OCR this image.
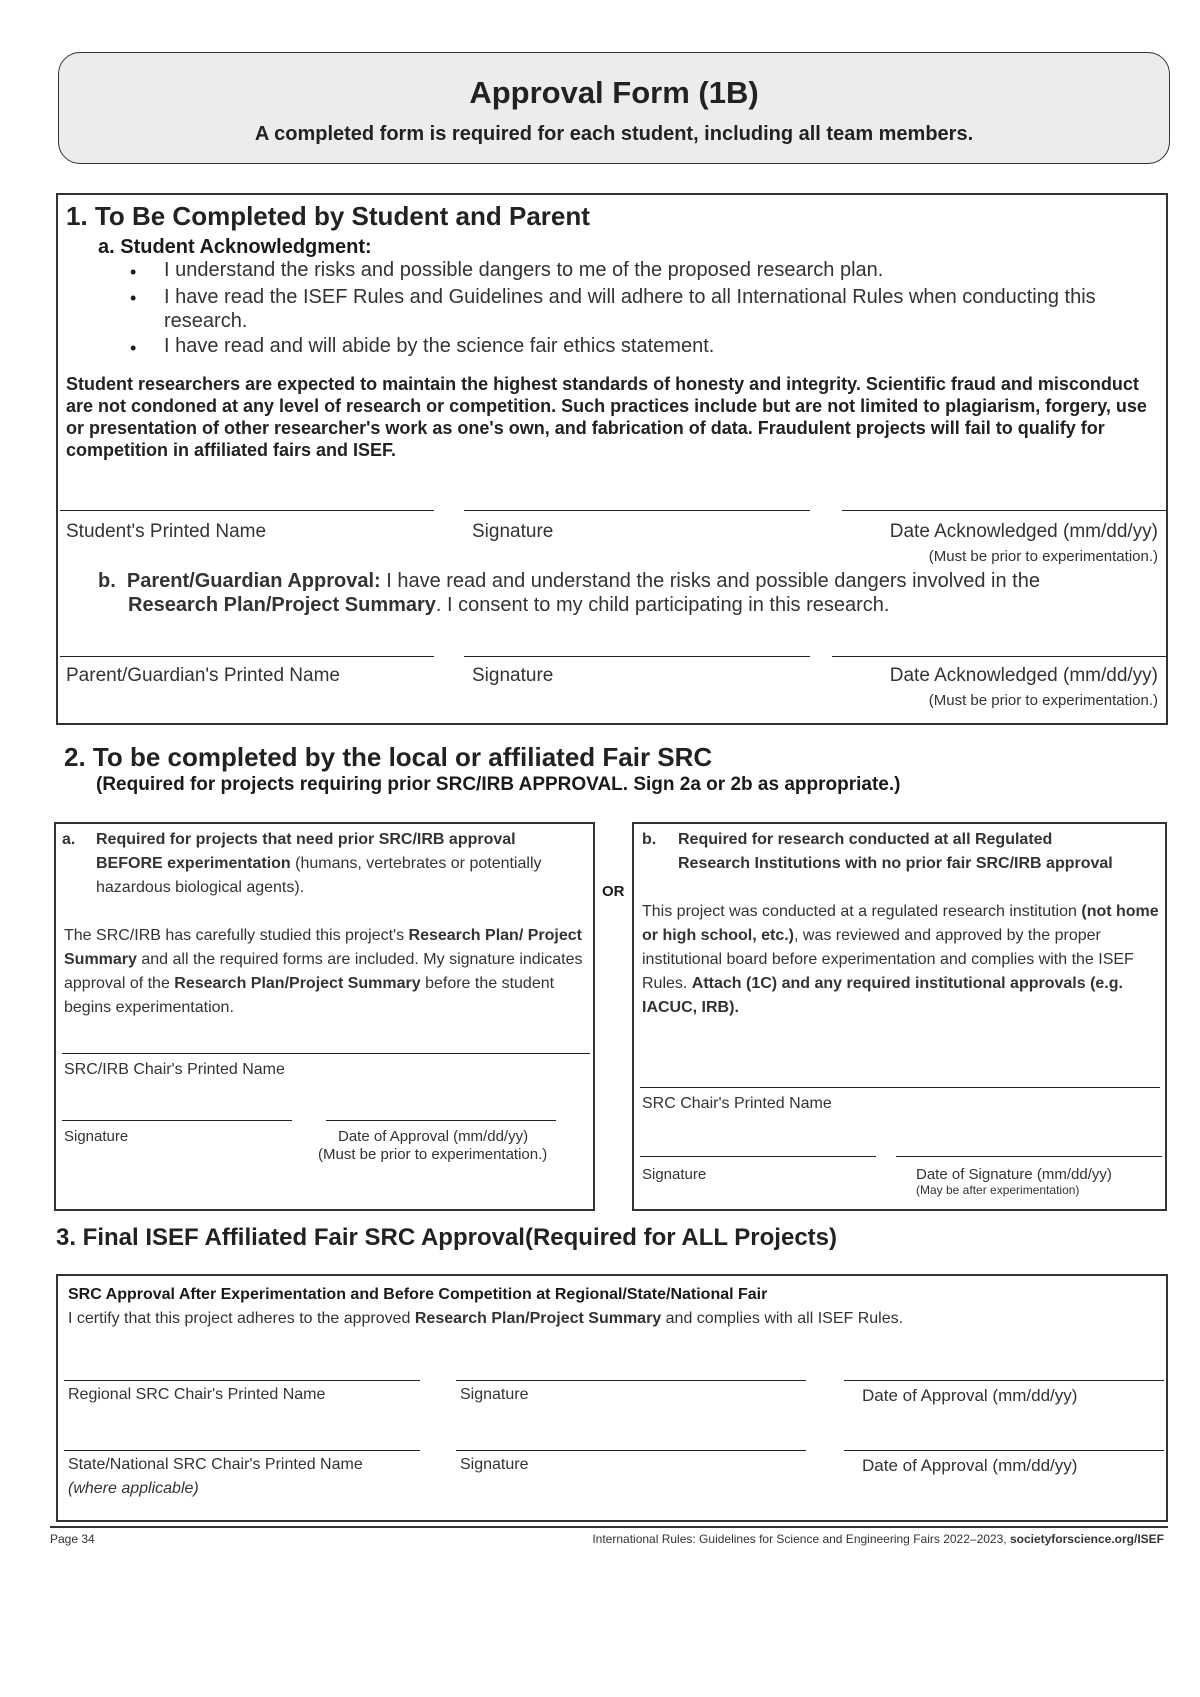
Approval Form (1B)
A completed form is required for each student, including all team members.
1. To Be Completed by Student and Parent
a. Student Acknowledgment:
• I understand the risks and possible dangers to me of the proposed research plan.
• I have read the ISEF Rules and Guidelines and will adhere to all International Rules when conducting this research.
• I have read and will abide by the science fair ethics statement.
Student researchers are expected to maintain the highest standards of honesty and integrity. Scientific fraud and misconduct are not condoned at any level of research or competition. Such practices include but are not limited to plagiarism, forgery, use or presentation of other researcher's work as one's own, and fabrication of data. Fraudulent projects will fail to qualify for competition in affiliated fairs and ISEF.
Student's Printed Name	Signature	Date Acknowledged (mm/dd/yy)
(Must be prior to experimentation.)
b. Parent/Guardian Approval: I have read and understand the risks and possible dangers involved in the
Research Plan/Project Summary. I consent to my child participating in this research.
Parent/Guardian's Printed Name	Signature	Date Acknowledged (mm/dd/yy)
(Must be prior to experimentation.)
2. To be completed by the local or affiliated Fair SRC
(Required for projects requiring prior SRC/IRB APPROVAL. Sign 2a or 2b as appropriate.)
a. Required for projects that need prior SRC/IRB approval
BEFORE experimentation (humans, vertebrates or potentially hazardous biological agents).
The SRC/IRB has carefully studied this project's Research Plan/ Project Summary and all the required forms are included. My signature indicates approval of the Research Plan/Project Summary before the student begins experimentation.
SRC/IRB Chair's Printed Name
Signature	Date of Approval (mm/dd/yy)
(Must be prior to experimentation.)
OR
b. Required for research conducted at all Regulated Research Institutions with no prior fair SRC/IRB approval
This project was conducted at a regulated research institution (not home or high school, etc.), was reviewed and approved by the proper institutional board before experimentation and complies with the ISEF Rules. Attach (1C) and any required institutional approvals (e.g. IACUC, IRB).
SRC Chair's Printed Name
Signature	Date of Signature (mm/dd/yy)
(May be after experimentation)
3. Final ISEF Affiliated Fair SRC Approval(Required for ALL Projects)
SRC Approval After Experimentation and Before Competition at Regional/State/National Fair
I certify that this project adheres to the approved Research Plan/Project Summary and complies with all ISEF Rules.
Regional SRC Chair's Printed Name	Signature	Date of Approval (mm/dd/yy)
State/National SRC Chair's Printed Name
(where applicable)
Signature	Date of Approval (mm/dd/yy)
Page 34	International Rules: Guidelines for Science and Engineering Fairs 2022–2023, societyforscience.org/ISEF
